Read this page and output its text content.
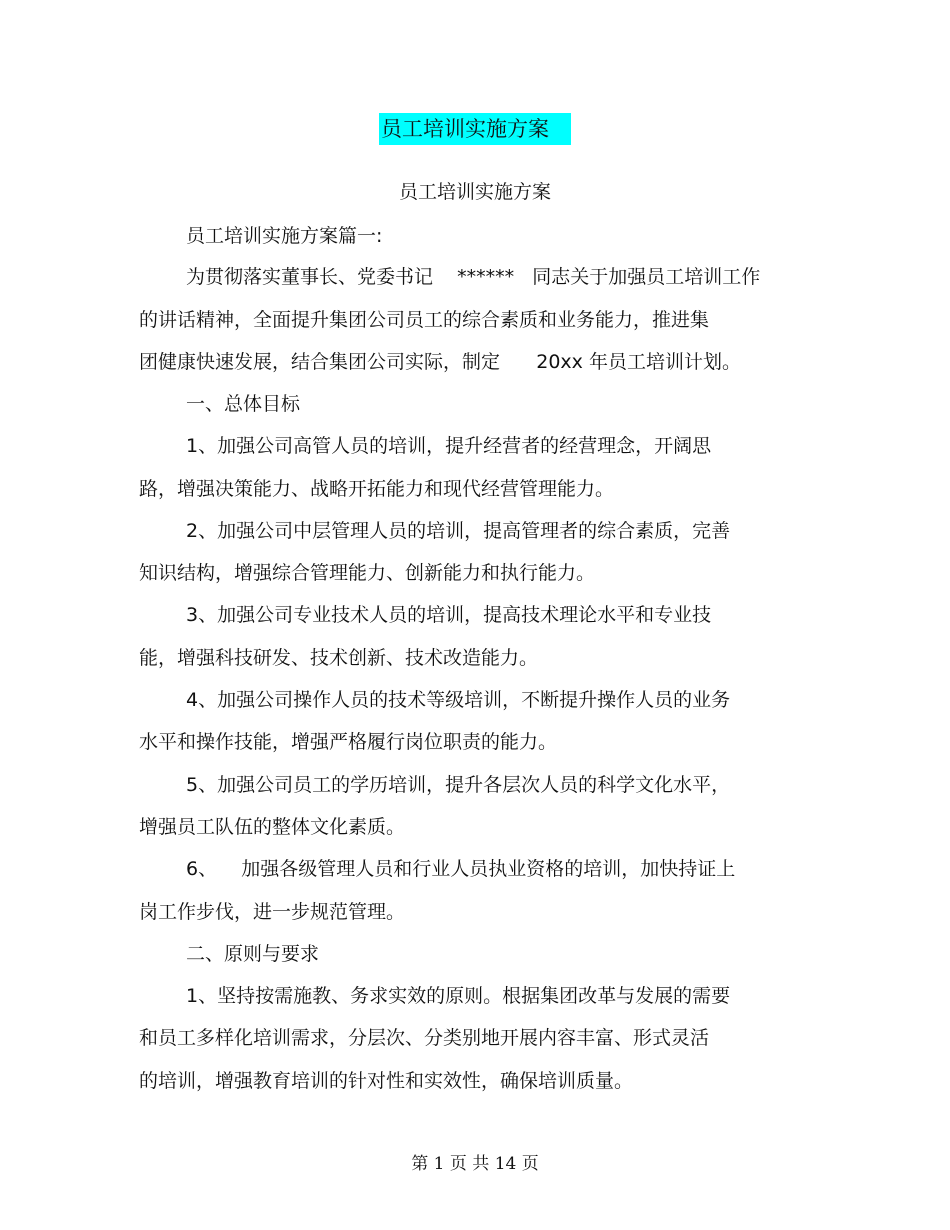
员工培训实施方案
员工培训实施方案
员工培训实施方案篇一:
为贯彻落实董事长、党委书记    ******   同志关于加强员工培训工作
的讲话精神，全面提升集团公司员工的综合素质和业务能力，推进集
团健康快速发展，结合集团公司实际，制定      20xx 年员工培训计划。
一、总体目标
1、加强公司高管人员的培训，提升经营者的经营理念，开阔思
路，增强决策能力、战略开拓能力和现代经营管理能力。
2、加强公司中层管理人员的培训，提高管理者的综合素质，完善
知识结构，增强综合管理能力、创新能力和执行能力。
3、加强公司专业技术人员的培训，提高技术理论水平和专业技
能，增强科技研发、技术创新、技术改造能力。
4、加强公司操作人员的技术等级培训，不断提升操作人员的业务
水平和操作技能，增强严格履行岗位职责的能力。
5、加强公司员工的学历培训，提升各层次人员的科学文化水平，
增强员工队伍的整体文化素质。
6、    加强各级管理人员和行业人员执业资格的培训，加快持证上
岗工作步伐，进一步规范管理。
二、原则与要求
1、坚持按需施教、务求实效的原则。根据集团改革与发展的需要
和员工多样化培训需求，分层次、分类别地开展内容丰富、形式灵活
的培训，增强教育培训的针对性和实效性，确保培训质量。
第 1 页 共 14 页
